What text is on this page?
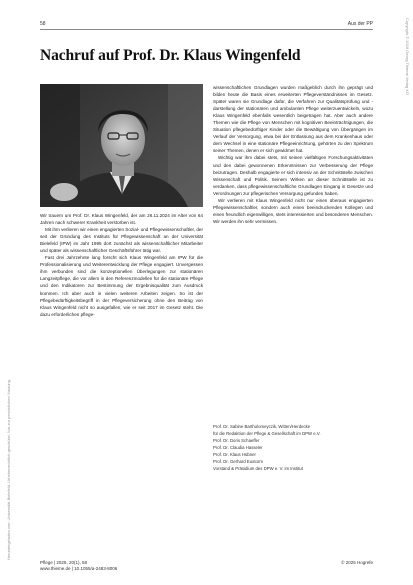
58	Aus der PP
Heruntergeladen von: Universität Bielefeld. Urheberrechtlich geschützt. Nur zur persönlichen Nutzung.
Copyright © 2018 Georg Thieme Verlag KG
Nachruf auf Prof. Dr. Klaus Wingenfeld

Wir trauern um Prof. Dr. Klaus Wingenfeld, der am 26.11.2024 im Alter von 64 Jahren nach schwerer Krankheit verstorben ist.

Mit ihm verlieren wir einen engagierten Sozial- und Pflegewissenschaftler, der seit der Gründung des Instituts für Pflegewissenschaft an der Universität Bielefeld (IPW) im Jahr 1995 dort zunächst als wissenschaftlicher Mitarbeiter und später als wissenschaftlicher Geschäftsführer tätig war.

Fast drei Jahrzehnte lang forscht sich Klaus Wingenfeld am IPW für die Professionalisierung und Weiterentwicklung der Pflege engagiert. Unvergessen ihm verbunden sind die konzeptionellen Überlegungen zur stationären Langzeitpflege, die vor allem in den Referenzmodellen für die stationäre Pflege und den Indikatoren zur Bestimmung der Ergebnisqualität zum Ausdruck kommen. Ich aber auch in vielen weiteren Arbeiten zeigen. So ist der Pflegebedürftigkeitsbegriff in der Pflegeversicherung ohne den Beitrag von Klaus Wingenfeld nicht so ausgefallen, wie er seit 2017 im Gesetz steht. Die dazu erforderlichen pflege-

wissenschaftlichen Grundlagen wurden maßgeblich durch ihn geprägt und bilden heute die Basis eines erweiterten Pflegeverständnisses im Gesetz. Später waren sie Grundlage dafür, die Verfahren zur Qualitätsprüfung und -darstellung der stationären und ambulanten Pflege weiterzuentwickeln, wozu Klaus Wingenfeld ebenfalls wesentlich beigetragen hat. Aber auch andere Themen wie die Pflege von Menschen mit kognitiven Beeinträchtigungen, die Situation pflegebedürftiger Kinder oder die Bewältigung von Übergängen im Verlauf der Versorgung, etwa bei der Entlassung aus dem Krankenhaus oder dem Wechsel in eine stationäre Pflegeeinrichtung, gehörten zu den Spektrum seiner Themen, denen er sich gewidmet hat.

Wichtig war ihm dabei stets, mit seinen vielfältigen Forschungsaktivitäten und den dabei gewonnenen Erkenntnissen zur Verbesserung der Pflege beizutragen. Deshalb engagierte er sich intensiv an der Schnittstelle zwischen Wissenschaft und Politik. Seinem Wirken an dieser Schnittstelle ist zu verdanken, dass pflegewissenschaftliche Grundlagen Eingang in Gesetze und Verordnungen zur pflegerischen Versorgung gefunden haben.

Wir verlieren mit Klaus Wingenfeld nicht nur einen überaus engagierten Pflegewissenschaftler, sondern auch einen beeindruckenden Kollegen und einen freundlich eigenwilligen, stets interessierten und besonderen Menschen. Wir werden ihn sehr vermissen.

Prof. Dr. Sabine Bartholomeyczik, Witten/Herdecke
für die Redaktion der Pflege & Gesellschaft im DPW e.V.
Prof. Dr. Doris Schaeffer
Prof. Dr. Claudia Hasseler
Prof. Dr. Klaus Hübner
Prof. Dr. Gerhard Eustorm
Vorstand & Präsidium des DPW e. V. im Institut
Pflege | 2025, 20(1), 58
www.thieme.de | 10.1055/a-2483-8006
© 2025 Hogrefe
